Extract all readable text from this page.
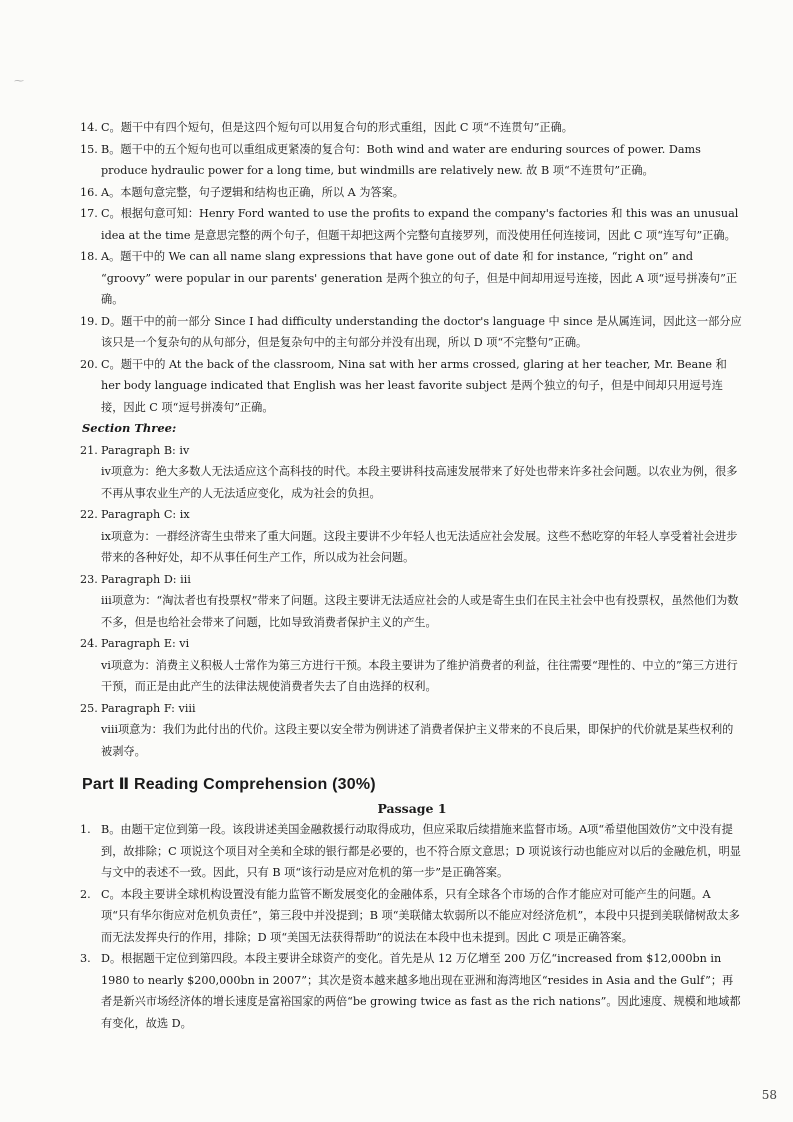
⁓
14. C。题干中有四个短句，但是这四个短句可以用复合句的形式重组，因此 C 项“不连贯句”正确。
15. B。题干中的五个短句也可以重组成更紧凑的复合句：Both wind and water are enduring sources of power. Dams produce hydraulic power for a long time, but windmills are relatively new. 故 B 项“不连贯句”正确。
16. A。本题句意完整，句子逻辑和结构也正确，所以 A 为答案。
17. C。根据句意可知：Henry Ford wanted to use the profits to expand the company's factories 和 this was an unusual idea at the time 是意思完整的两个句子，但题干却把这两个完整句直接罗列，而没使用任何连接词，因此 C 项“连写句”正确。
18. A。题干中的 We can all name slang expressions that have gone out of date 和 for instance, “right on” and “groovy” were popular in our parents' generation 是两个独立的句子，但是中间却用逗号连接，因此 A 项“逗号拼凑句”正确。
19. D。题干中的前一部分 Since I had difficulty understanding the doctor's language 中 since 是从属连词，因此这一部分应该只是一个复杂句的从句部分，但是复杂句中的主句部分并没有出现，所以 D 项“不完整句”正确。
20. C。题干中的 At the back of the classroom, Nina sat with her arms crossed, glaring at her teacher, Mr. Beane 和 her body language indicated that English was her least favorite subject 是两个独立的句子，但是中间却只用逗号连接，因此 C 项“逗号拼凑句”正确。
Section Three:
21. Paragraph B: ⅳ
ⅳ项意为：绝大多数人无法适应这个高科技的时代。本段主要讲科技高速发展带来了好处也带来许多社会问题。以农业为例，很多不再从事农业生产的人无法适应变化，成为社会的负担。
22. Paragraph C: ⅸ
ⅸ项意为：一群经济寄生虫带来了重大问题。这段主要讲不少年轻人也无法适应社会发展。这些不愁吃穿的年轻人享受着社会进步带来的各种好处，却不从事任何生产工作，所以成为社会问题。
23. Paragraph D: ⅲ
ⅲ项意为：“淘汰者也有投票权”带来了问题。这段主要讲无法适应社会的人或是寄生虫们在民主社会中也有投票权，虽然他们为数不多，但是也给社会带来了问题，比如导致消费者保护主义的产生。
24. Paragraph E: ⅵ
ⅵ项意为：消费主义积极人士常作为第三方进行干预。本段主要讲为了维护消费者的利益，往往需要“理性的、中立的”第三方进行干预，而正是由此产生的法律法规使消费者失去了自由选择的权利。
25. Paragraph F: ⅷ
ⅷ项意为：我们为此付出的代价。这段主要以安全带为例讲述了消费者保护主义带来的不良后果，即保护的代价就是某些权利的被剥夺。
Part Ⅱ Reading Comprehension (30%)
Passage 1
1. B。由题干定位到第一段。该段讲述美国金融救援行动取得成功，但应采取后续措施来监督市场。A项“希望他国效仿”文中没有提到，故排除；C 项说这个项目对全美和全球的银行都是必要的，也不符合原文意思；D 项说该行动也能应对以后的金融危机，明显与文中的表述不一致。因此，只有 B 项“该行动是应对危机的第一步”是正确答案。
2. C。本段主要讲全球机构设置没有能力监管不断发展变化的金融体系，只有全球各个市场的合作才能应对可能产生的问题。A 项“只有华尔街应对危机负责任”，第三段中并没提到；B 项“美联储太软弱所以不能应对经济危机”，本段中只提到美联储树敌太多而无法发挥央行的作用，排除；D 项“美国无法获得帮助”的说法在本段中也未提到。因此 C 项是正确答案。
3. D。根据题干定位到第四段。本段主要讲全球资产的变化。首先是从 12 万亿增至 200 万亿“increased from $12,000bn in 1980 to nearly $200,000bn in 2007”；其次是资本越来越多地出现在亚洲和海湾地区“resides in Asia and the Gulf”；再者是新兴市场经济体的增长速度是富裕国家的两倍“be growing twice as fast as the rich nations”。因此速度、规模和地域都有变化，故选 D。
58
